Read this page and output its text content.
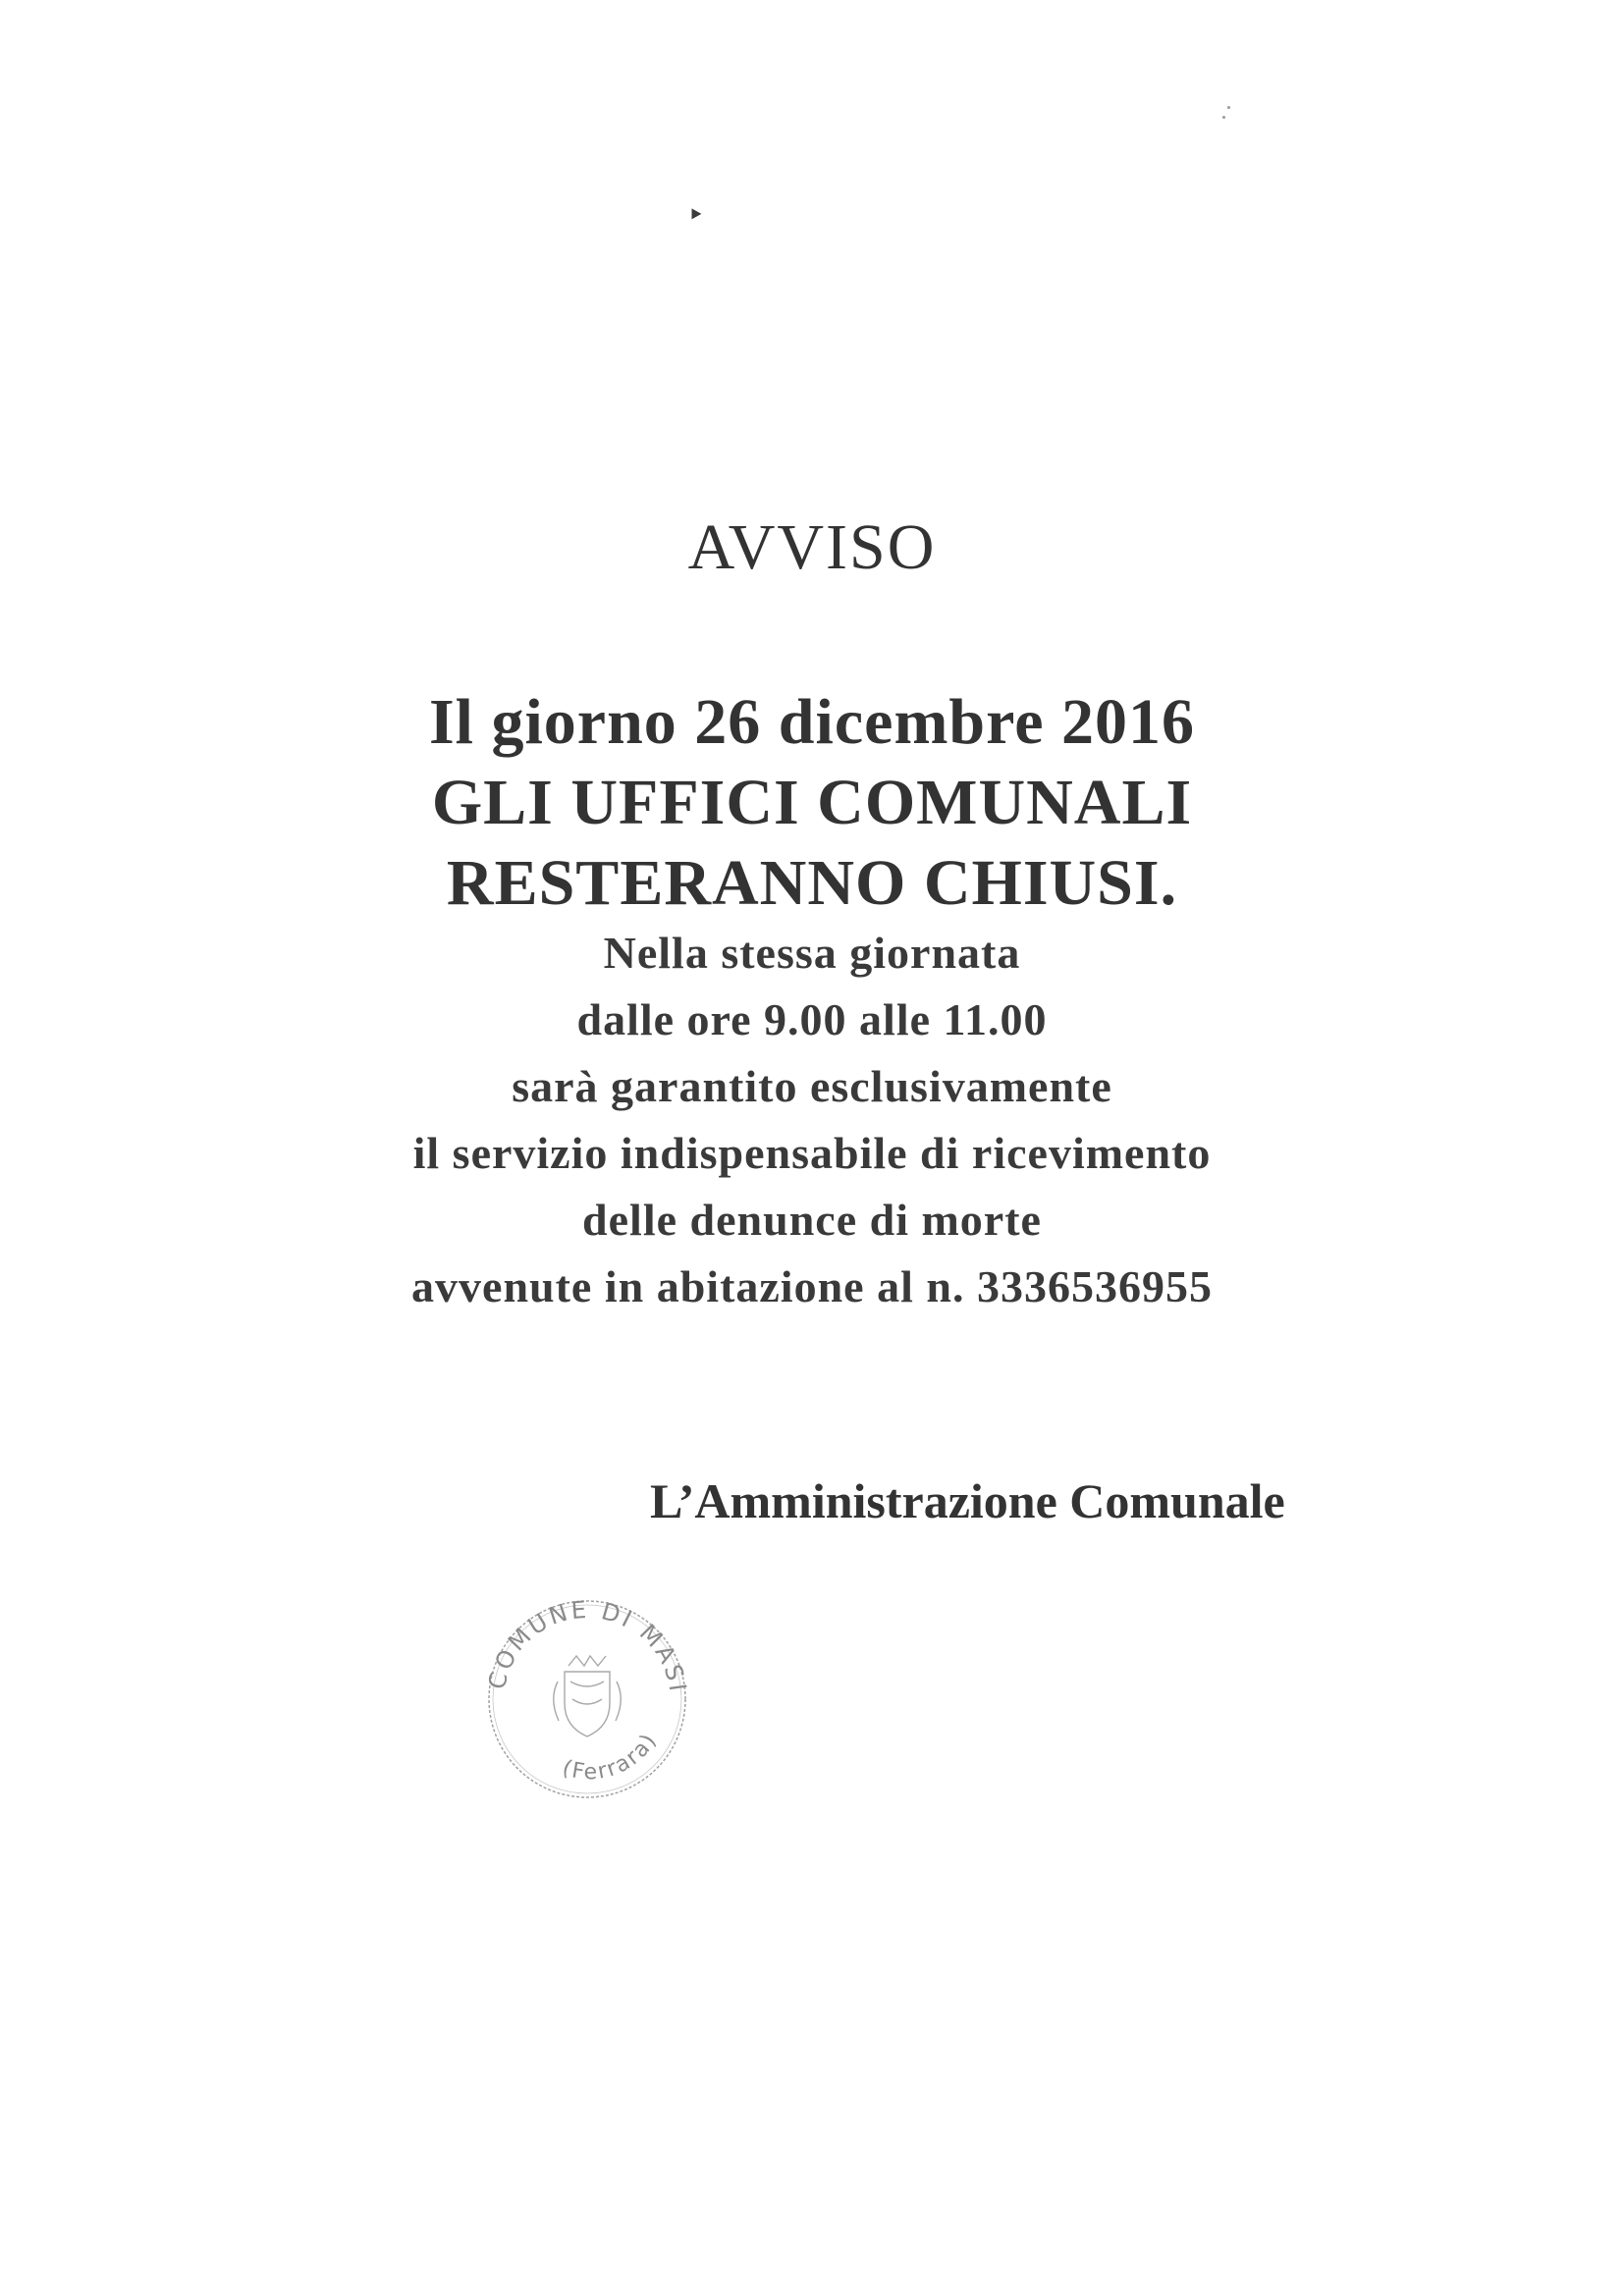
‣
AVVISO
Il giorno 26 dicembre 2016
GLI UFFICI COMUNALI
RESTERANNO CHIUSI.

Nella stessa giornata

dalle ore 9.00 alle 11.00

sarà garantito esclusivamente

il servizio indispensabile di ricevimento

delle denunce di morte

avvenute in abitazione al n. 3336536955

L’Amministrazione Comunale

COMUNE DI MASI
(Ferrara)
